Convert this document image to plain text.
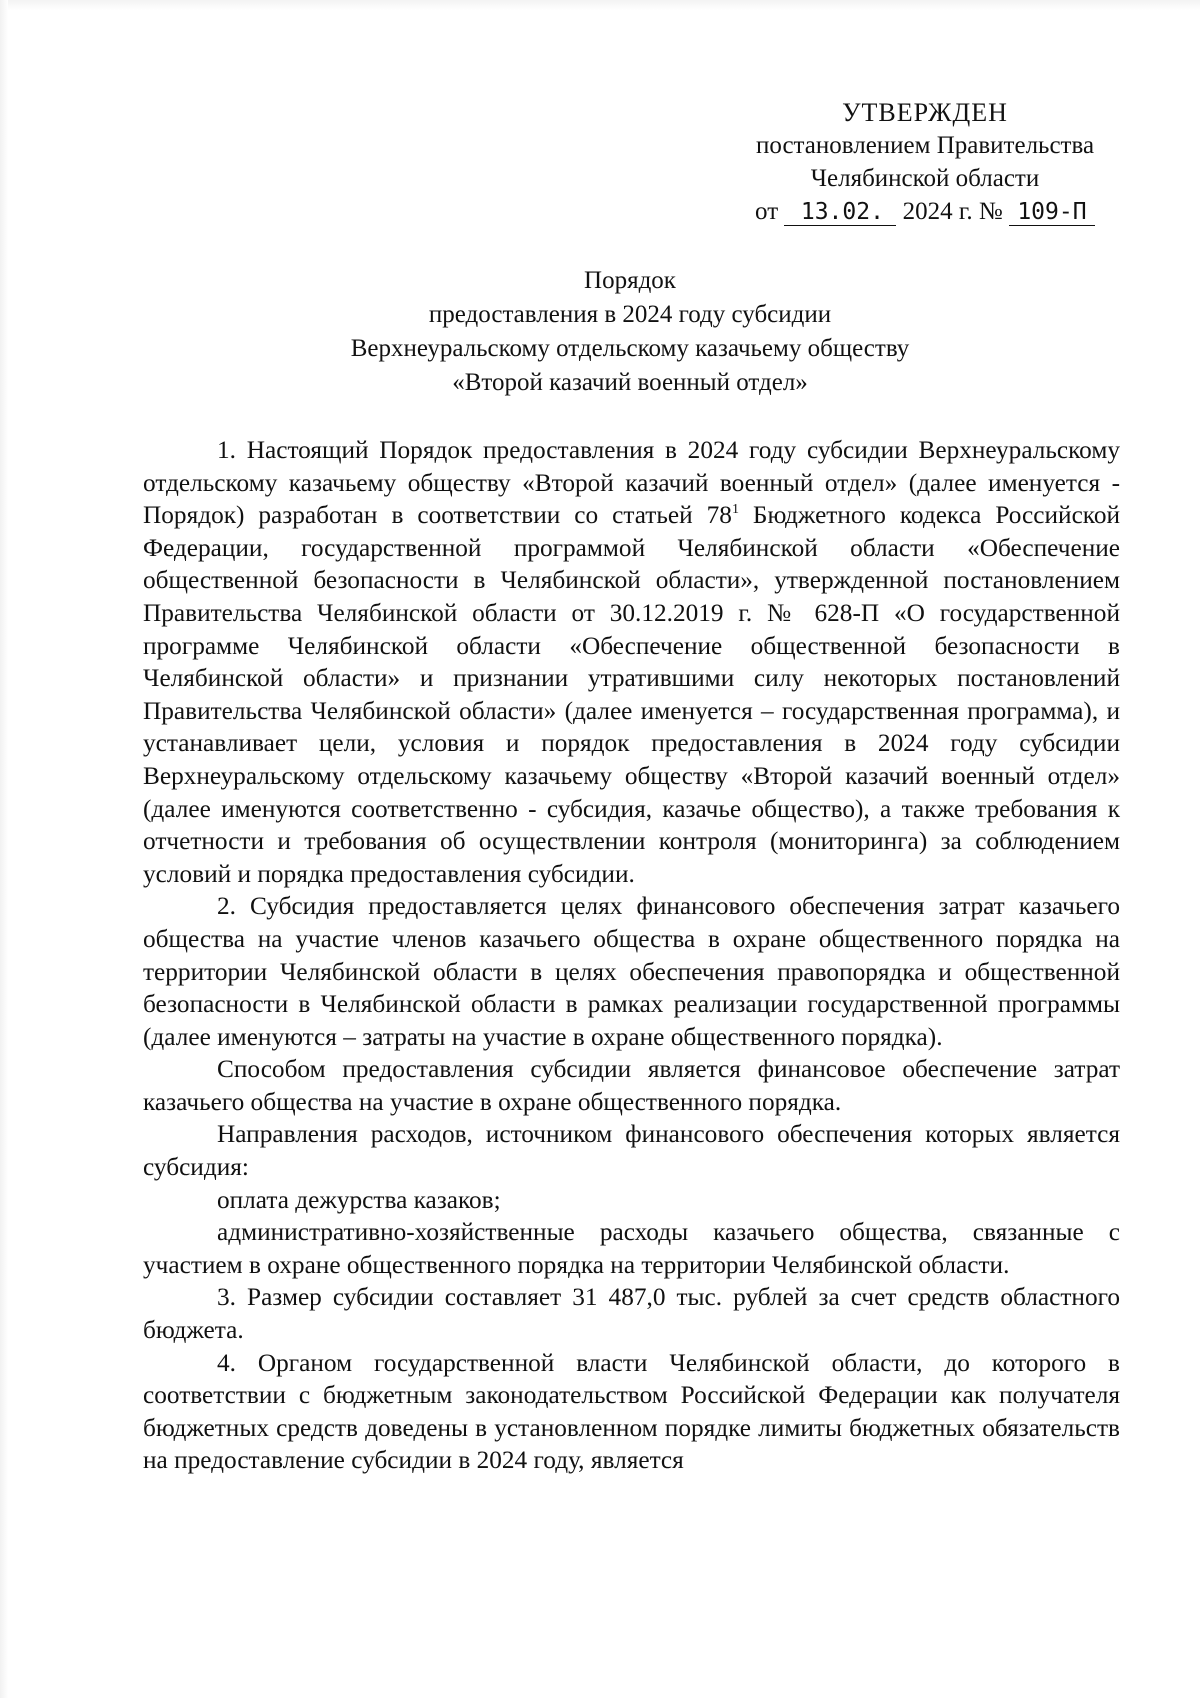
УТВЕРЖДЕН
постановлением Правительства
Челябинской области
от 13.02. 2024 г. № 109-П
Порядок
предоставления в 2024 году субсидии
Верхнеуральскому отдельскому казачьему обществу
«Второй казачий военный отдел»

1. Настоящий Порядок предоставления в 2024 году субсидии Верхнеуральскому отдельскому казачьему обществу «Второй казачий военный отдел» (далее именуется - Порядок) разработан в соответствии со статьей $78^1$ Бюджетного кодекса Российской Федерации, государственной программой Челябинской области «Обеспечение общественной безопасности в Челябинской области», утвержденной постановлением Правительства Челябинской области от 30.12.2019 г. № 628-П «О государственной программе Челябинской области «Обеспечение общественной безопасности в Челябинской области» и признании утратившими силу некоторых постановлений Правительства Челябинской области» (далее именуется – государственная программа), и устанавливает цели, условия и порядок предоставления в 2024 году субсидии Верхнеуральскому отдельскому казачьему обществу «Второй казачий военный отдел» (далее именуются соответственно - субсидия, казачье общество), а также требования к отчетности и требования об осуществлении контроля (мониторинга) за соблюдением условий и порядка предоставления субсидии.

2. Субсидия предоставляется целях финансового обеспечения затрат казачьего общества на участие членов казачьего общества в охране общественного порядка на территории Челябинской области в целях обеспечения правопорядка и общественной безопасности в Челябинской области в рамках реализации государственной программы (далее именуются – затраты на участие в охране общественного порядка).

Способом предоставления субсидии является финансовое обеспечение затрат казачьего общества на участие в охране общественного порядка.

Направления расходов, источником финансового обеспечения которых является субсидия:

оплата дежурства казаков;

административно-хозяйственные расходы казачьего общества, связанные с участием в охране общественного порядка на территории Челябинской области.

3. Размер субсидии составляет 31 487,0 тыс. рублей за счет средств областного бюджета.

4. Органом государственной власти Челябинской области, до которого в соответствии с бюджетным законодательством Российской Федерации как получателя бюджетных средств доведены в установленном порядке лимиты бюджетных обязательств на предоставление субсидии в 2024 году, является
